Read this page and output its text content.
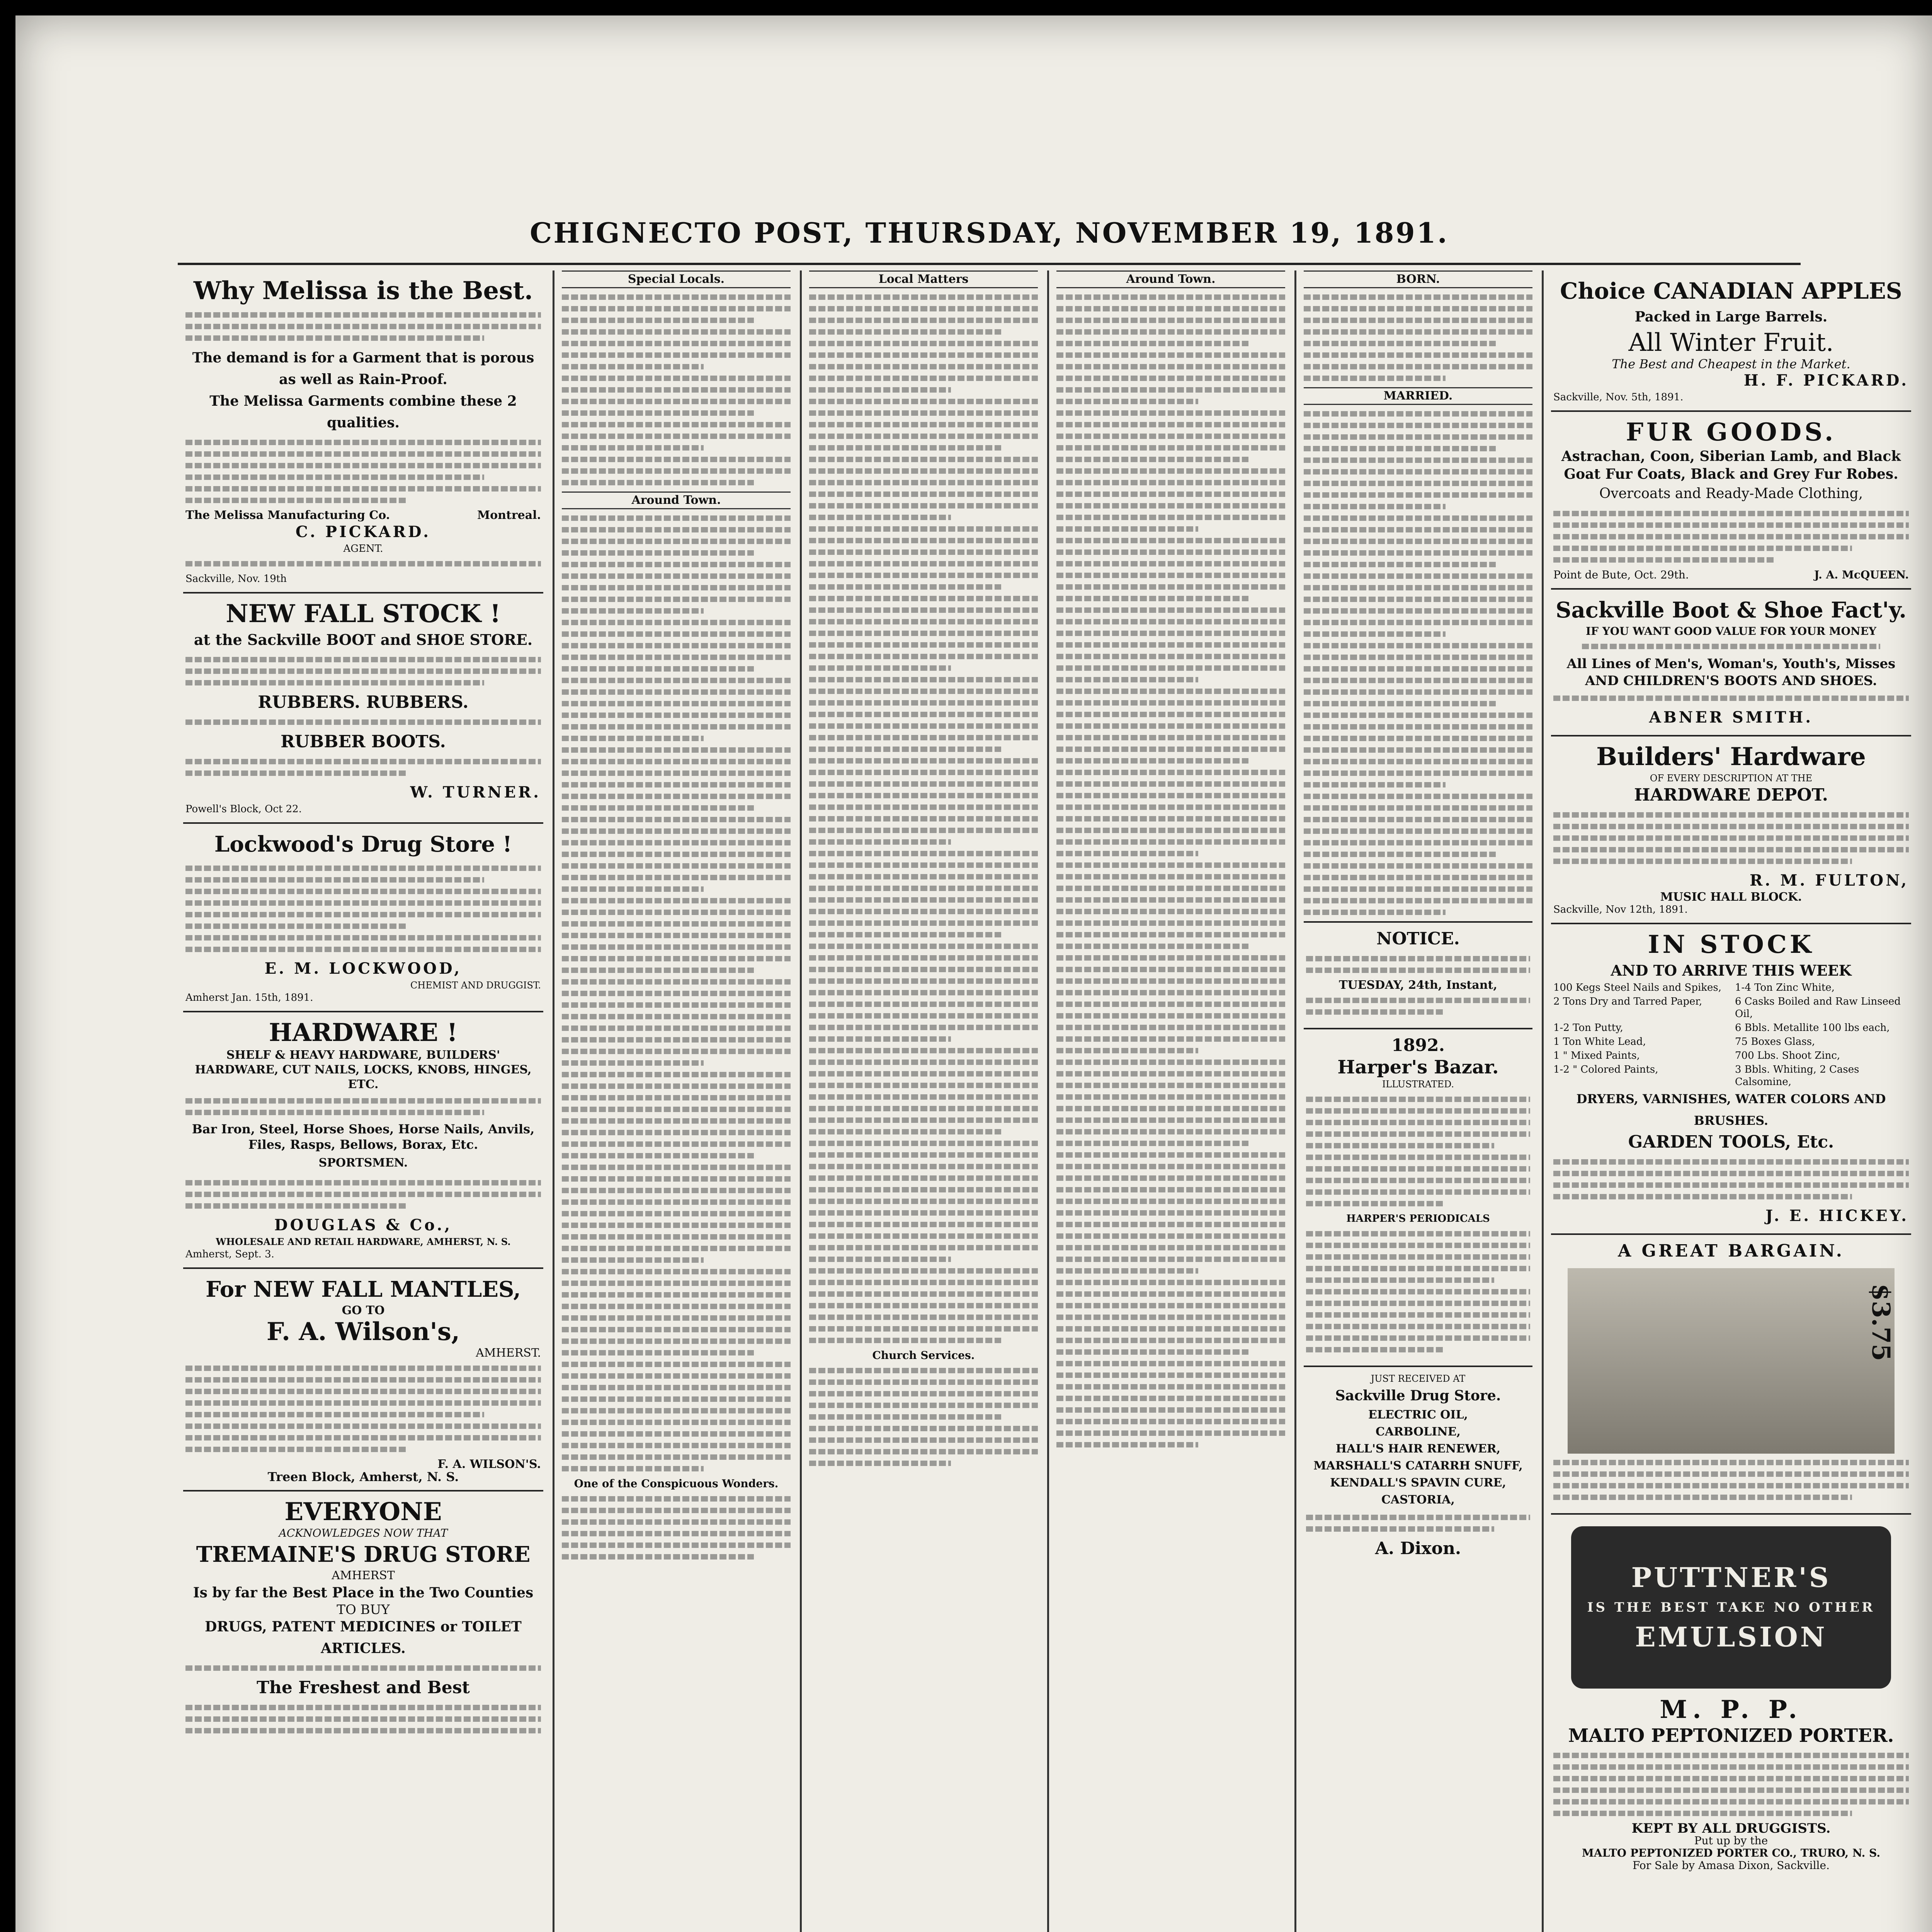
CHIGNECTO POST, THURSDAY, NOVEMBER 19, 1891.
Why Melissa is the Best.
The demand is for a Garment that is porous as well as Rain-Proof.
The Melissa Garments combine these 2 qualities.
The Melissa Manufacturing Co.	Montreal.
C. PICKARD.
AGENT.
Sackville, Nov. 19th
NEW FALL STOCK !
at the Sackville BOOT and SHOE STORE.
RUBBERS. RUBBERS.
RUBBER BOOTS.
W. TURNER.
Powell's Block, Oct 22.
Lockwood's Drug Store !
E. M. LOCKWOOD,
CHEMIST AND DRUGGIST.
Amherst Jan. 15th, 1891.
HARDWARE !
SHELF & HEAVY HARDWARE, BUILDERS' HARDWARE, CUT NAILS, LOCKS, KNOBS, HINGES, ETC.
Bar Iron, Steel, Horse Shoes, Horse Nails, Anvils, Files, Rasps, Bellows, Borax, Etc.
SPORTSMEN.
DOUGLAS & Co.,
WHOLESALE AND RETAIL HARDWARE, AMHERST, N. S.
Amherst, Sept. 3.
For NEW FALL MANTLES,
GO TO
F. A. Wilson's,
AMHERST.
F. A. WILSON'S.
Treen Block, Amherst, N. S.
EVERYONE
ACKNOWLEDGES NOW THAT
TREMAINE'S DRUG STORE
AMHERST
Is by far the Best Place in the Two Counties
TO BUY
DRUGS, PATENT MEDICINES or TOILET ARTICLES.
The Freshest and Best
Special Locals.
Around Town.
One of the Conspicuous Wonders.
Local Matters
Church Services.
Around Town.	BORN.
MARRIED.
NOTICE.
TUESDAY, 24th, Instant,
1892.
Harper's Bazar.
ILLUSTRATED.
HARPER'S PERIODICALS
JUST RECEIVED AT
Sackville Drug Store.
ELECTRIC OIL,
CARBOLINE,
HALL'S HAIR RENEWER,
MARSHALL'S CATARRH SNUFF,
KENDALL'S SPAVIN CURE,
CASTORIA,
A. Dixon.
Choice CANADIAN APPLES
Packed in Large Barrels.
All Winter Fruit.
The Best and Cheapest in the Market.
H. F. PICKARD.
Sackville, Nov. 5th, 1891.
FUR GOODS.
Astrachan, Coon, Siberian Lamb, and Black Goat Fur Coats, Black and Grey Fur Robes.
Overcoats and Ready-Made Clothing,
Point de Bute, Oct. 29th.	J. A. McQUEEN.
Sackville Boot & Shoe Fact'y.
IF YOU WANT GOOD VALUE FOR YOUR MONEY
All Lines of Men's, Woman's, Youth's, Misses AND CHILDREN'S BOOTS AND SHOES.
ABNER SMITH.
Builders' Hardware
OF EVERY DESCRIPTION AT THE
HARDWARE DEPOT.
R. M. FULTON,
MUSIC HALL BLOCK.
Sackville, Nov 12th, 1891.
IN STOCK
AND TO ARRIVE THIS WEEK
100 Kegs Steel Nails and Spikes,	1-4 Ton Zinc White,
2 Tons Dry and Tarred Paper,	6 Casks Boiled and Raw Linseed Oil,
1-2 Ton Putty,	6 Bbls. Metallite 100 lbs each,
1 Ton White Lead,	75 Boxes Glass,
1 " Mixed Paints,	700 Lbs. Shoot Zinc,
1-2 " Colored Paints,	3 Bbls. Whiting, 2 Cases Calsomine,
DRYERS, VARNISHES, WATER COLORS AND BRUSHES.
GARDEN TOOLS, Etc.
J. E. HICKEY.
A GREAT BARGAIN.
$3.75
PUTTNER'S
IS THE BEST TAKE NO OTHER
EMULSION
M. P. P.
MALTO PEPTONIZED PORTER.
KEPT BY ALL DRUGGISTS.
Put up by the
MALTO PEPTONIZED PORTER CO., TRURO, N. S.
For Sale by Amasa Dixon, Sackville.
